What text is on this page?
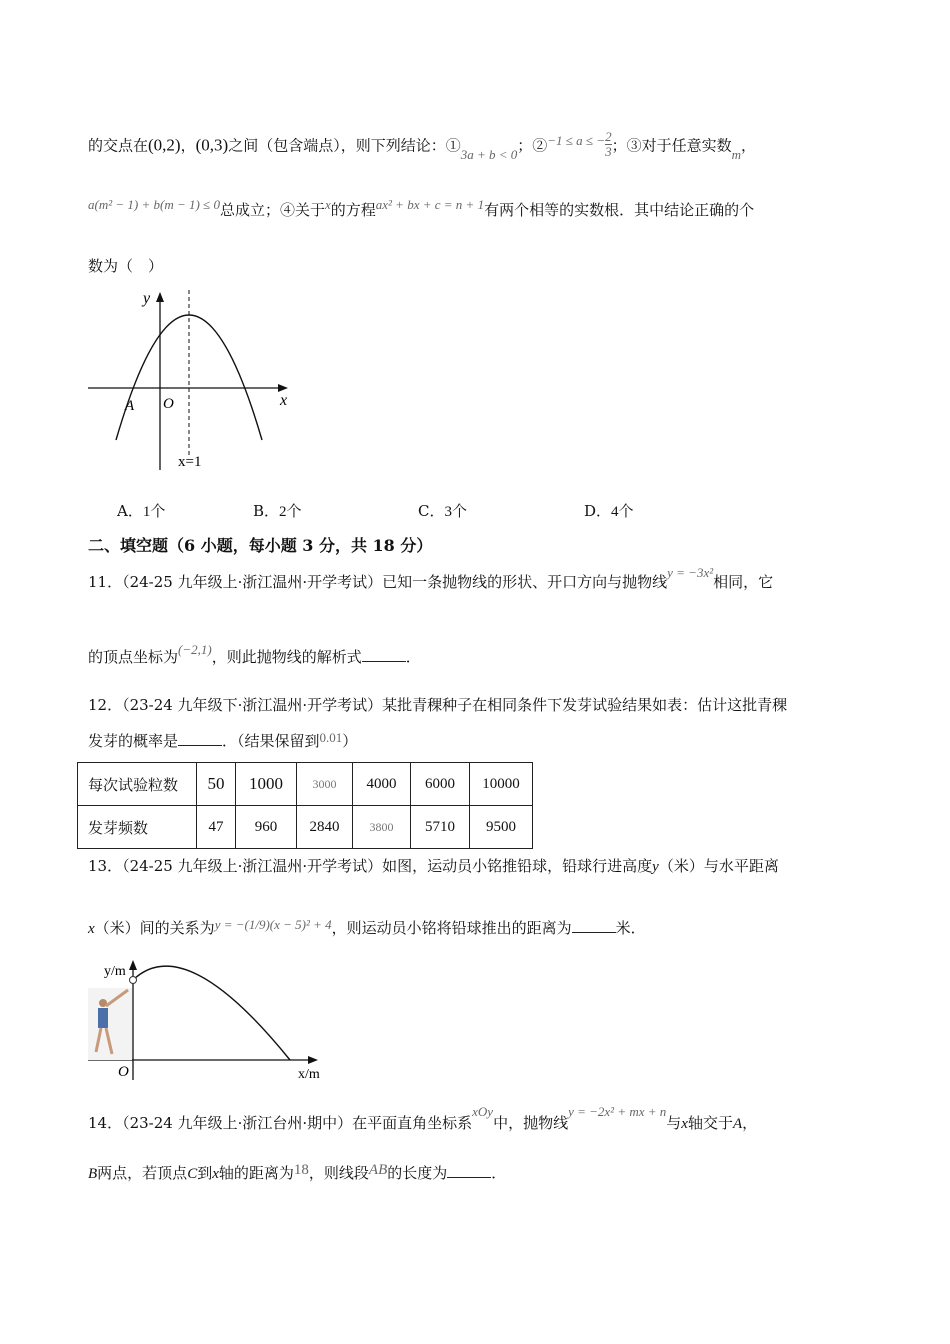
的交点在(0,2)，(0,3)之间（包含端点），则下列结论：①3a + b < 0；②−1 ≤ a ≤ − $\frac{2}{3}$ ；③对于任意实数m，
a(m² − 1) + b(m − 1) ≤ 0总成立；④关于x的方程ax² + bx + c = n + 1有两个相等的实数根．其中结论正确的个
数为（　）
y
x
A O
x=1
y/m
x/m
O
A．1个	B．2个	C．3个	D．4个
二、填空题（6 小题，每小题 3 分，共 18 分）
11．（24-25 九年级上·浙江温州·开学考试）已知一条抛物线的形状、开口方向与抛物线y = −3x²相同，它
的顶点坐标为(−2,1)，则此抛物线的解析式	．
12．（23-24 九年级下·浙江温州·开学考试）某批青稞种子在相同条件下发芽试验结果如表：估计这批青稞
发芽的概率是	．（结果保留到0.01）
每次试验粒数	50	1000	3000	4000	6000	10000
发芽频数	47	960	2840	3800	5710	9500
13．（24-25 九年级上·浙江温州·开学考试）如图，运动员小铭推铅球，铅球行进高度y（米）与水平距离
x（米）间的关系为y = −(1/9)(x − 5)² + 4，则运动员小铭将铅球推出的距离为	米．
14．（23-24 九年级上·浙江台州·期中）在平面直角坐标系xOy中，抛物线y = −2x² + mx + n与x轴交于A，
B两点，若顶点C到x轴的距离为18，则线段AB的长度为	．
